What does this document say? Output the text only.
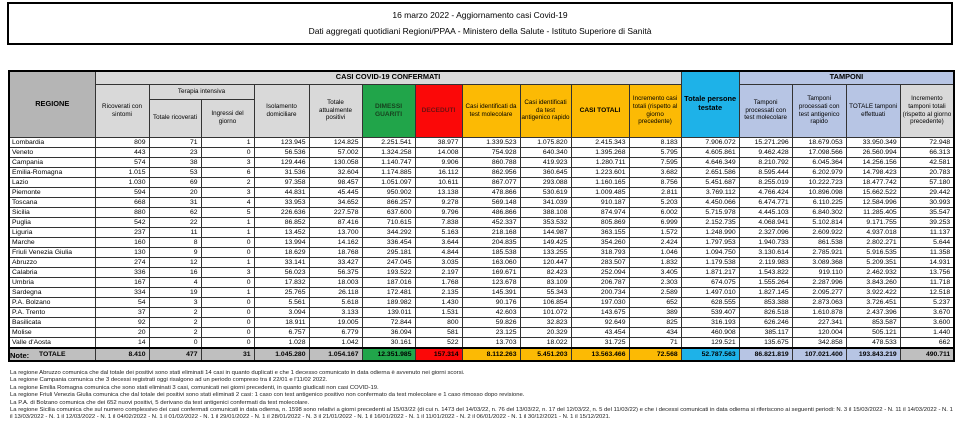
16 marzo 2022 - Aggiornamento casi Covid-19
Dati aggregati quotidiani Regioni/PPAA - Ministero della Salute - Istituto Superiore di Sanità
REGIONE	CASI COVID-19 CONFERMATI											Totale persone testate	TAMPONI			
	Ricoverati con sintomi	Terapia intensiva		Isolamento domiciliare	Totale attualmente positivi	DIMESSI GUARITI	DECEDUTI	Casi identificati da test molecolare	Casi identificati da test antigenico rapido	CASI TOTALI	Incremento casi totali (rispetto al giorno precedente)		Tamponi processati con test molecolare	Tamponi processati con test antigenico rapido	TOTALE tamponi effettuati	Incremento tamponi totali (rispetto al giorno precedente)
		Totale ricoverati	Ingressi del giorno													
Lombardia	809	71	1	123.945	124.825	2.251.541	38.977	1.339.523	1.075.820	2.415.343	8.183	7.906.072	15.271.296	18.679.053	33.950.349	72.948
Veneto	443	23	0	56.536	57.002	1.324.258	14.008	754.928	640.340	1.395.268	5.795	4.605.861	9.462.428	17.098.566	26.560.994	66.313
Campania	574	38	3	129.446	130.058	1.140.747	9.906	860.788	419.923	1.280.711	7.595	4.646.349	8.210.792	6.045.364	14.256.156	42.581
Emilia-Romagna	1.015	53	6	31.536	32.604	1.174.885	16.112	862.956	360.645	1.223.601	3.682	2.651.586	8.595.444	6.202.979	14.798.423	20.783
Lazio	1.030	69	2	97.358	98.457	1.051.097	10.611	867.077	293.088	1.160.165	8.756	5.451.687	8.255.019	10.222.723	18.477.742	57.180
Piemonte	594	20	3	44.831	45.445	950.902	13.138	478.866	530.619	1.009.485	2.811	3.769.112	4.766.424	10.896.098	15.662.522	29.442
Toscana	668	31	4	33.953	34.652	866.257	9.278	569.148	341.039	910.187	5.203	4.450.066	6.474.771	6.110.225	12.584.996	30.993
Sicilia	880	62	5	226.636	227.578	637.600	9.796	486.866	388.108	874.974	6.002	5.715.978	4.445.103	6.840.302	11.285.405	35.547
Puglia	542	22	1	86.852	87.416	710.615	7.838	452.337	353.532	805.869	6.999	2.152.735	4.068.941	5.102.814	9.171.755	39.253
Liguria	237	11	1	13.452	13.700	344.292	5.163	218.168	144.987	363.155	1.572	1.248.990	2.327.096	2.609.922	4.937.018	11.137
Marche	160	8	0	13.994	14.162	336.454	3.644	204.835	149.425	354.260	2.424	1.797.953	1.940.733	861.538	2.802.271	5.644
Friuli Venezia Giulia	130	9	0	18.629	18.768	295.181	4.844	185.538	133.255	318.793	1.046	1.094.750	3.130.614	2.785.921	5.916.535	11.358
Abruzzo	274	12	1	33.141	33.427	247.045	3.035	163.060	120.447	283.507	1.832	1.179.538	2.119.983	3.089.368	5.209.351	14.931
Calabria	336	16	3	56.023	56.375	193.522	2.197	169.671	82.423	252.094	3.405	1.871.217	1.543.822	919.110	2.462.932	13.756
Umbria	167	4	0	17.832	18.003	187.016	1.768	123.678	83.109	206.787	2.303	674.075	1.555.264	2.287.996	3.843.260	11.718
Sardegna	334	19	1	25.765	26.118	172.481	2.135	145.391	55.343	200.734	2.589	1.497.010	1.827.145	2.095.277	3.922.422	12.518
P.A. Bolzano	54	3	0	5.561	5.618	189.982	1.430	90.176	106.854	197.030	652	628.555	853.388	2.873.063	3.726.451	5.237
P.A. Trento	37	2	0	3.094	3.133	139.011	1.531	42.603	101.072	143.675	389	539.407	826.518	1.610.878	2.437.396	3.670
Basilicata	92	2	0	18.911	19.005	72.844	800	59.826	32.823	92.649	825	316.193	626.246	227.341	853.587	3.600
Molise	20	2	0	6.757	6.779	36.094	581	23.125	20.329	43.454	434	460.908	385.117	120.004	505.121	1.440
Valle d'Aosta	14	0	0	1.028	1.042	30.161	522	13.703	18.022	31.725	71	129.521	135.675	342.858	478.533	662
TOTALE	8.410	477	31	1.045.280	1.054.167	12.351.985	157.314	8.112.263	5.451.203	13.563.466	72.568	52.787.563	86.821.819	107.021.400	193.843.219	490.711

Note:

La regione Abruzzo comunica che dal totale dei positivi sono stati eliminati 14 casi in quanto duplicati e che 1 decesso comunicato in data odierna è avvenuto nei giorni scorsi.
La regione Campania comunica che 3 decessi registrati oggi risalgono ad un periodo compreso tra il 22/01 e l'11/02 2022.
La regione Emilia Romagna comunica che sono stati eliminati 3 casi, comunicati nei giorni precedenti, in quanto giudicati non casi COVID-19.
La regione Friuli Venezia Giulia comunica che dal totale dei positivi sono stati eliminati 2 casi: 1 caso con test antigenico positivo non confermato da test molecolare e 1 caso rimosso dopo revisione.
La P.A. di Bolzano comunica che dei 652 nuovi positivi, 5 derivano da test antigenici confermati da test molecolare.
La regione Sicilia comunica che sul numero complessivo dei casi confermati comunicati in data odierna, n. 1598 sono relativi a giorni precedenti al 15/03/22 (di cui n. 1473 del 14/03/22, n. 76 del 13/03/22, n. 17 del 12/03/22, n. 5 del 11/03/22) e che i decessi comunicati in data odierna si riferiscono ai seguenti periodi: N. 3 il 15/03/2022 - N. 11 il 14/03/2022 - N. 1 il 13/03/2022 - N. 1 il 12/03/2022 - N. 1 il 04/02/2022 - N. 1 il 01/02/2022 - N. 1 il 29/01/2022 - N. 1 il 28/01/2022 - N. 3 il 21/01/2022 - N. 1 il 16/01/2022 - N. 1 il 11/01/2022 - N. 2 il 06/01/2022 - N. 1 il 30/12/2021 - N. 1 il 15/12/2021.
